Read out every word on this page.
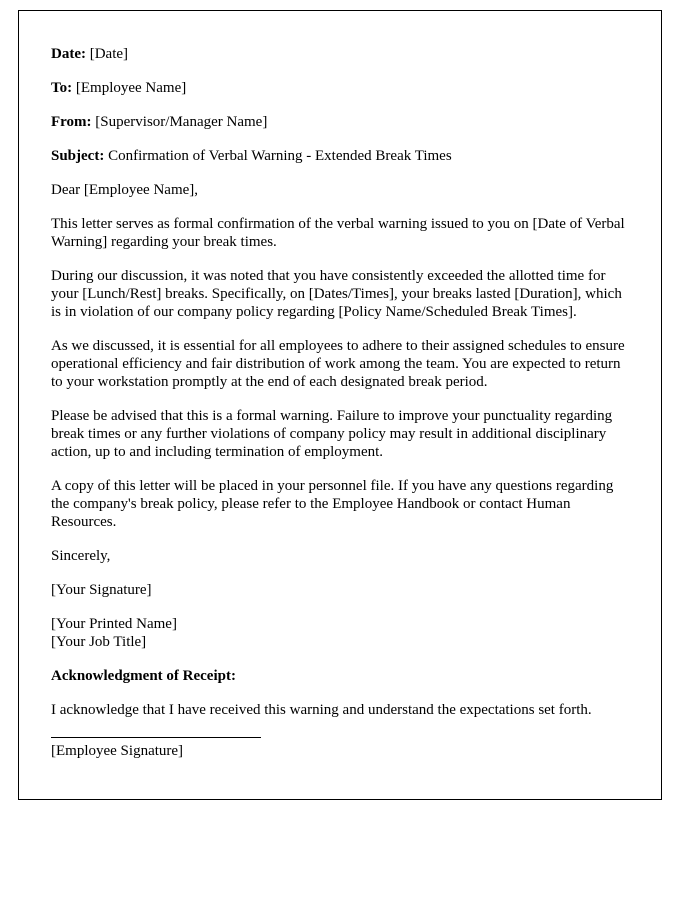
Date: [Date]

To: [Employee Name]

From: [Supervisor/Manager Name]

Subject: Confirmation of Verbal Warning - Extended Break Times

Dear [Employee Name],

This letter serves as formal confirmation of the verbal warning issued to you on [Date of Verbal Warning] regarding your break times.

During our discussion, it was noted that you have consistently exceeded the allotted time for your [Lunch/Rest] breaks. Specifically, on [Dates/Times], your breaks lasted [Duration], which is in violation of our company policy regarding [Policy Name/Scheduled Break Times].

As we discussed, it is essential for all employees to adhere to their assigned schedules to ensure operational efficiency and fair distribution of work among the team. You are expected to return to your workstation promptly at the end of each designated break period.

Please be advised that this is a formal warning. Failure to improve your punctuality regarding break times or any further violations of company policy may result in additional disciplinary action, up to and including termination of employment.

A copy of this letter will be placed in your personnel file. If you have any questions regarding the company's break policy, please refer to the Employee Handbook or contact Human Resources.

Sincerely,

[Your Signature]

[Your Printed Name]
[Your Job Title]

Acknowledgment of Receipt:

I acknowledge that I have received this warning and understand the expectations set forth.

[Employee Signature]
